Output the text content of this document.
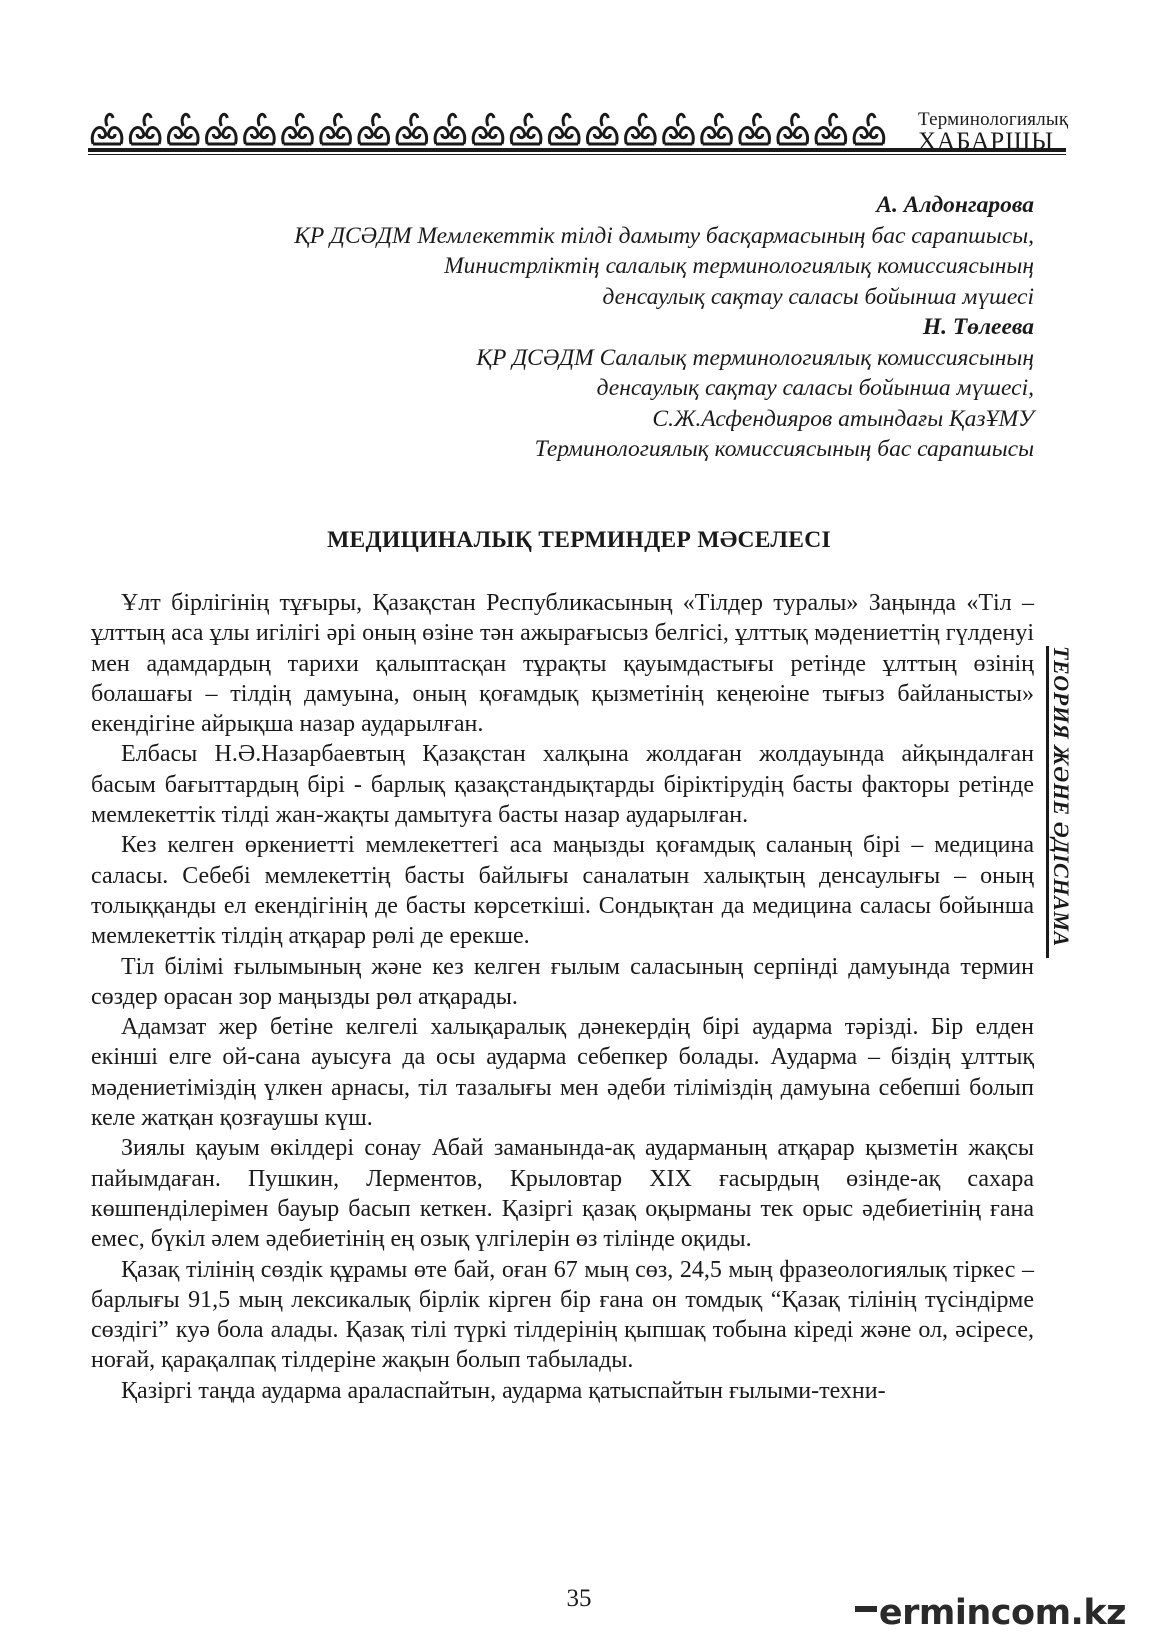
Терминологиялық
ХАБАРШЫ
А. Алдонгарова
ҚР ДСӘДМ Мемлекеттік тілді дамыту басқармасының бас сарапшысы,
Министрліктің салалық терминологиялық комиссиясының
денсаулық сақтау саласы бойынша мүшесі
Н. Төлеева
ҚР ДСӘДМ Салалық терминологиялық комиссиясының
денсаулық сақтау саласы бойынша мүшесі,
С.Ж.Асфендияров атындағы ҚазҰМУ
Терминологиялық комиссиясының бас сарапшысы
МЕДИЦИНАЛЫҚ ТЕРМИНДЕР МӘСЕЛЕСІ

Ұлт бірлігінің тұғыры, Қазақстан Республикасының «Тілдер туралы» Заңында «Тіл – ұлттың аса ұлы игілігі әрі оның өзіне тән ажырағысыз белгісі, ұлттық мәдениеттің гүлденуі мен адамдардың тарихи қалыптасқан тұрақты қауымдастығы ретінде ұлттың өзінің болашағы – тілдің дамуына, оның қоғамдық қызметінің кеңеюіне тығыз байланысты» екендігіне айрықша назар аударылған.

Елбасы Н.Ә.Назарбаевтың Қазақстан халқына жолдаған жолдауында айқындалған басым бағыттардың бірі - барлық қазақстандықтарды біріктірудің басты факторы ретінде мемлекеттік тілді жан-жақты дамытуға басты назар аударылған.

Кез келген өркениетті мемлекеттегі аса маңызды қоғамдық саланың бірі – медицина саласы. Себебі мемлекеттің басты байлығы саналатын халықтың денсаулығы – оның толыққанды ел екендігінің де басты көрсеткіші. Сондықтан да медицина саласы бойынша мемлекеттік тілдің атқарар рөлі де ерекше.

Тіл білімі ғылымының және кез келген ғылым саласының серпінді дамуында термин сөздер орасан зор маңызды рөл атқарады.

Адамзат жер бетіне келгелі халықаралық дәнекердің бірі аударма тәрізді. Бір елден екінші елге ой-сана ауысуға да осы аударма себепкер болады. Аударма – біздің ұлттық мәдениетіміздің үлкен арнасы, тіл тазалығы мен әдеби тіліміздің дамуына себепші болып келе жатқан қозғаушы күш.

Зиялы қауым өкілдері сонау Абай заманында-ақ аударманың атқарар қызметін жақсы пайымдаған. Пушкин, Лерментов, Крыловтар XIX ғасырдың өзінде-ақ сахара көшпенділерімен бауыр басып кеткен. Қазіргі қазақ оқырманы тек орыс әдебиетінің ғана емес, бүкіл әлем әдебиетінің ең озық үлгілерін өз тілінде оқиды.

Қазақ тілінің сөздік құрамы өте бай, оған 67 мың сөз, 24,5 мың фразеологиялық тіркес – барлығы 91,5 мың лексикалық бірлік кірген бір ғана он томдық “Қазақ тілінің түсіндірме сөздігі” куә бола алады. Қазақ тілі түркі тілдерінің қыпшақ тобына кіреді және ол, әсіресе, ноғай, қарақалпақ тілдеріне жақын болып табылады.

Қазіргі таңда аударма араласпайтын, аударма қатыспайтын ғылыми-техни-

ТЕОРИЯ ЖӘНЕ ӘДІСНАМА
35	ermincom.kz
